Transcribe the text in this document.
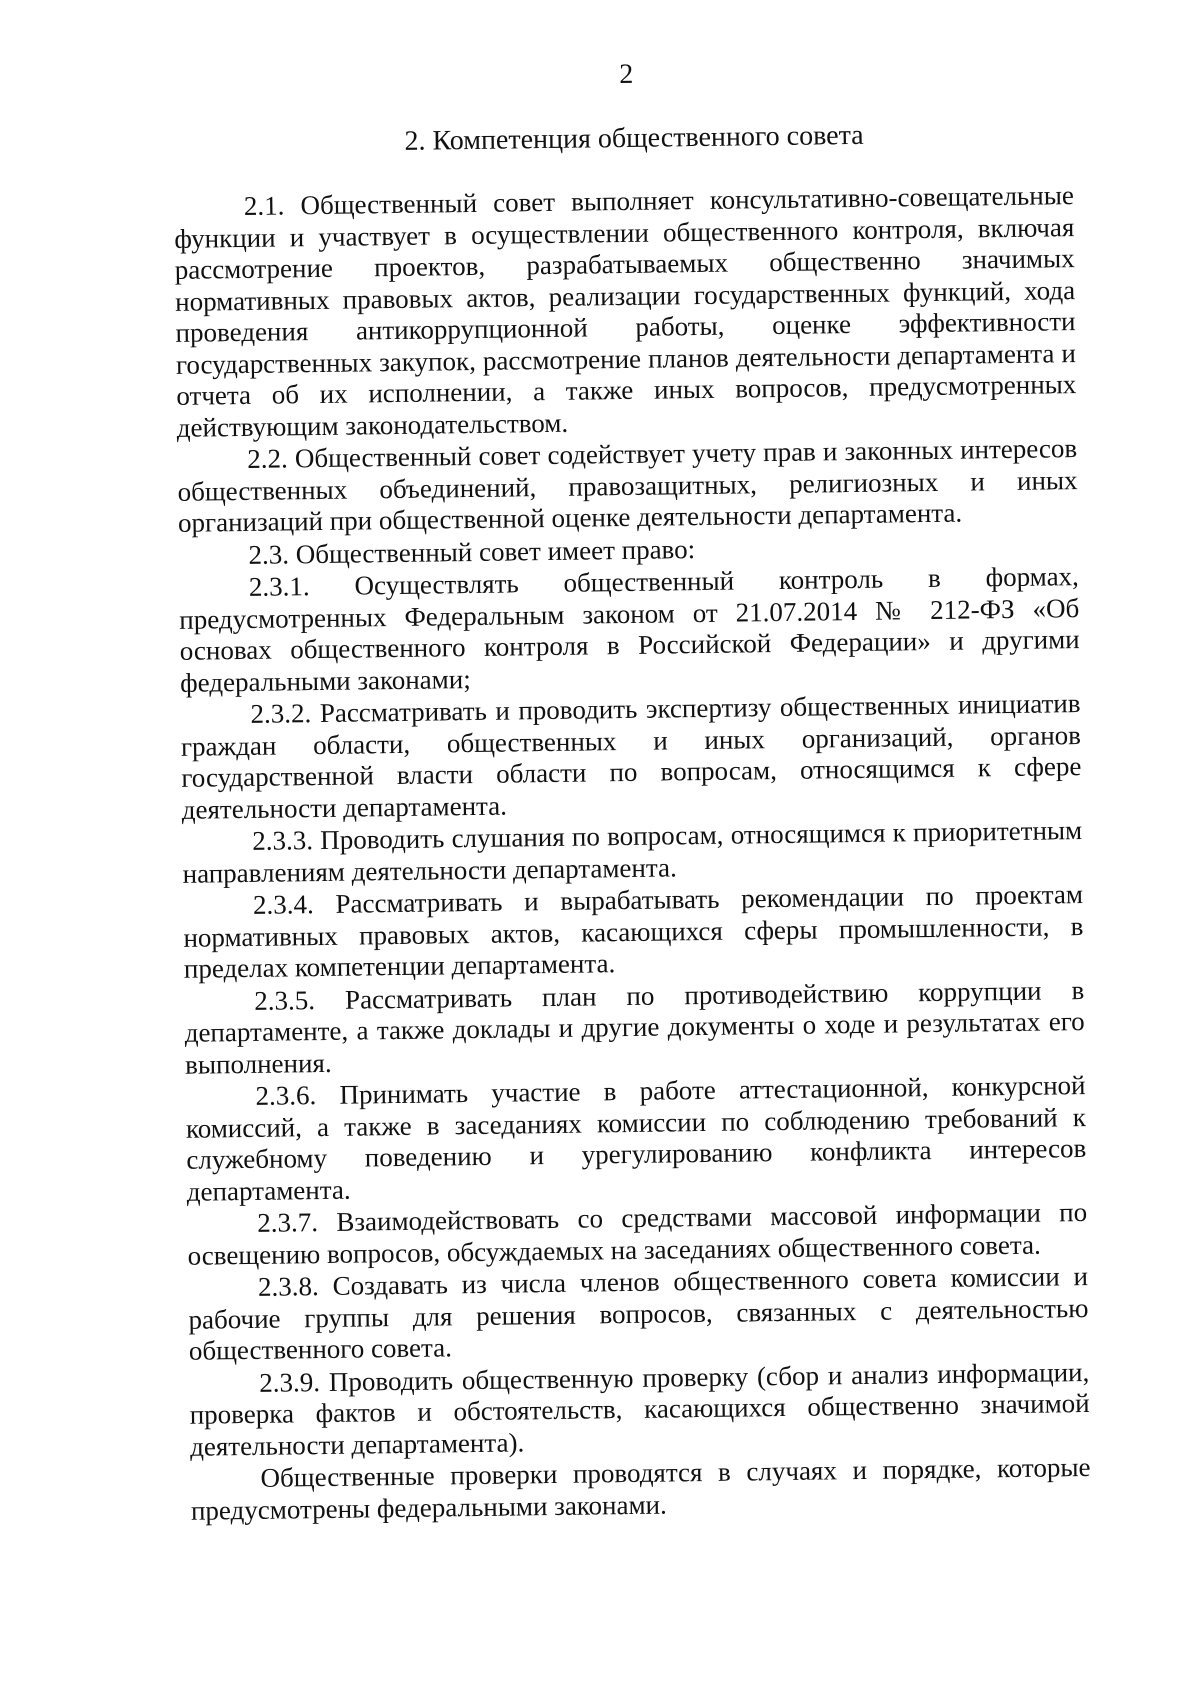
2
2. Компетенция общественного совета

2.1. Общественный совет выполняет консультативно-совещательные функции и участвует в осуществлении общественного контроля, включая рассмотрение проектов, разрабатываемых общественно значимых нормативных правовых актов, реализации государственных функций, хода проведения антикоррупционной работы, оценке эффективности государственных закупок, рассмотрение планов деятельности департамента и отчета об их исполнении, а также иных вопросов, предусмотренных действующим законодательством.

2.2. Общественный совет содействует учету прав и законных интересов общественных объединений, правозащитных, религиозных и иных организаций при общественной оценке деятельности департамента.

2.3. Общественный совет имеет право:

2.3.1. Осуществлять общественный контроль в формах, предусмотренных Федеральным законом от 21.07.2014 № 212-ФЗ «Об основах общественного контроля в Российской Федерации» и другими федеральными законами;

2.3.2. Рассматривать и проводить экспертизу общественных инициатив граждан области, общественных и иных организаций, органов государственной власти области по вопросам, относящимся к сфере деятельности департамента.

2.3.3. Проводить слушания по вопросам, относящимся к приоритетным направлениям деятельности департамента.

2.3.4. Рассматривать и вырабатывать рекомендации по проектам нормативных правовых актов, касающихся сферы промышленности, в пределах компетенции департамента.

2.3.5. Рассматривать план по противодействию коррупции в департаменте, а также доклады и другие документы о ходе и результатах его выполнения.

2.3.6. Принимать участие в работе аттестационной, конкурсной комиссий, а также в заседаниях комиссии по соблюдению требований к служебному поведению и урегулированию конфликта интересов департамента.

2.3.7. Взаимодействовать со средствами массовой информации по освещению вопросов, обсуждаемых на заседаниях общественного совета.

2.3.8. Создавать из числа членов общественного совета комиссии и рабочие группы для решения вопросов, связанных с деятельностью общественного совета.

2.3.9. Проводить общественную проверку (сбор и анализ информации, проверка фактов и обстоятельств, касающихся общественно значимой деятельности департамента).

Общественные проверки проводятся в случаях и порядке, которые предусмотрены федеральными законами.
